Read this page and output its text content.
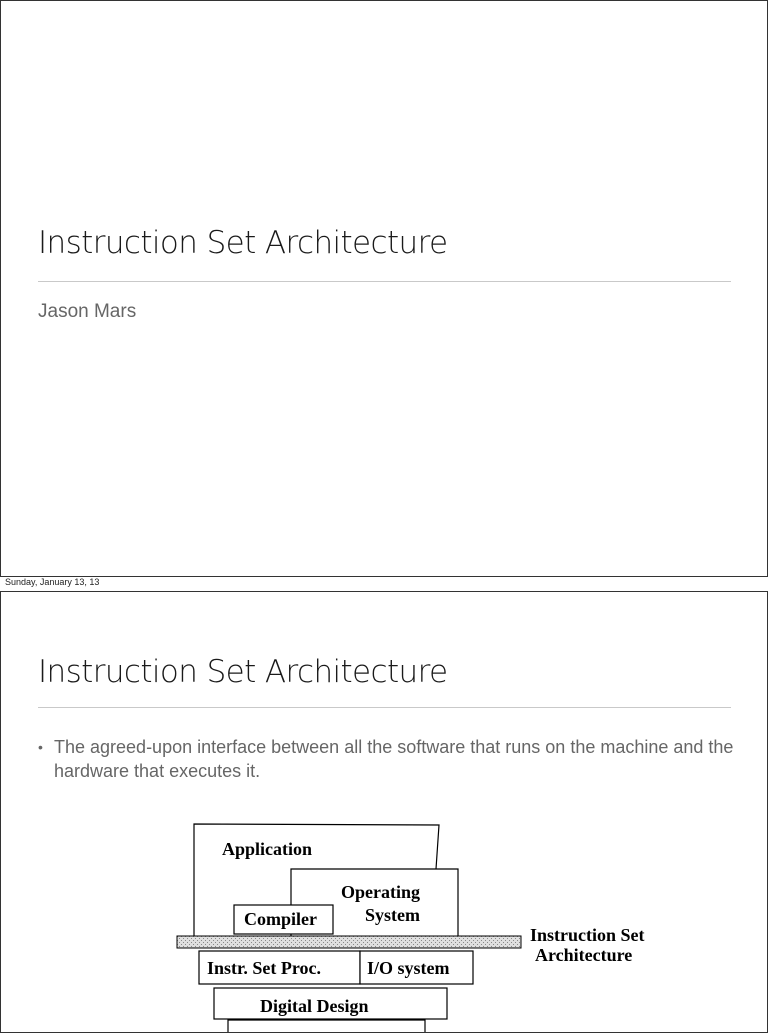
Instruction Set Architecture

Jason Mars

Sunday, January 13, 13
Instruction Set Architecture
• The agreed-upon interface between all the software that runs on the machine and the hardware that executes it.
Application
Operating
System
Compiler
Instruction Set
Architecture
Instr. Set Proc.	I/O system
Digital Design
